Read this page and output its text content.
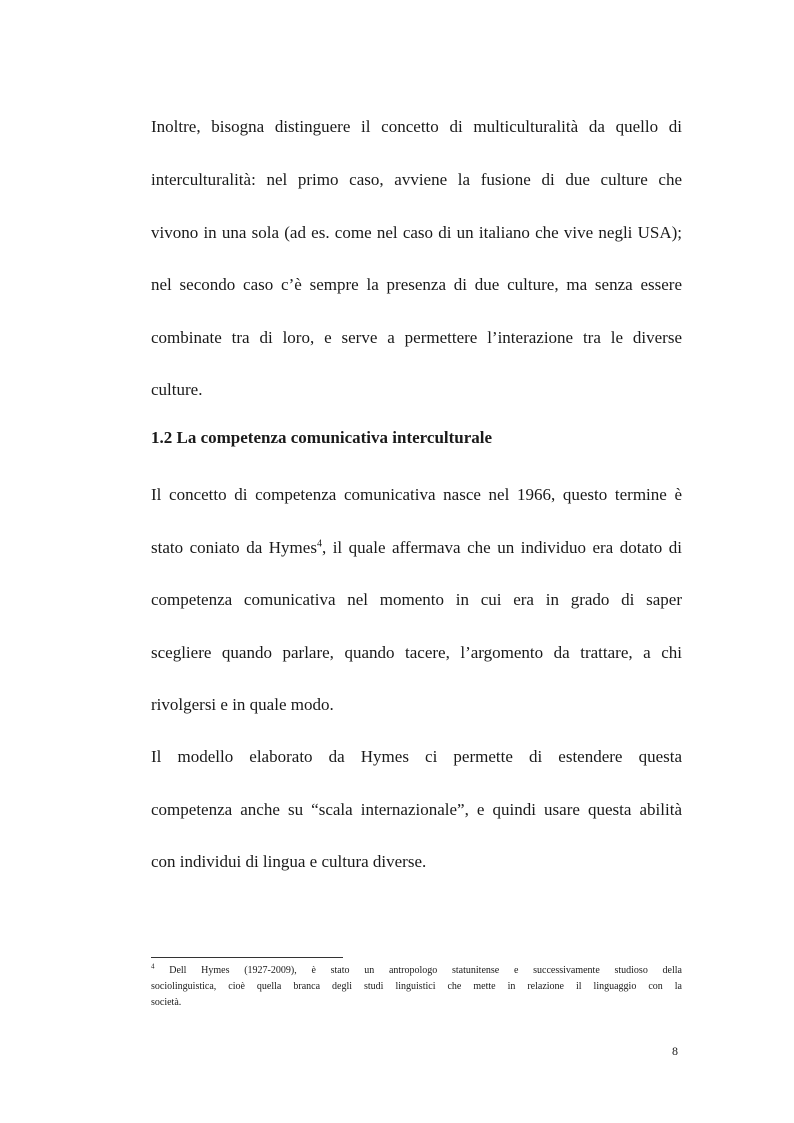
Inoltre, bisogna distinguere il concetto di multiculturalità da quello di
interculturalità: nel primo caso, avviene la fusione di due culture che
vivono in una sola (ad es. come nel caso di un italiano che vive negli USA);
nel secondo caso c’è sempre la presenza di due culture, ma senza essere
combinate tra di loro, e serve a permettere l’interazione tra le diverse
culture.
1.2 La competenza comunicativa interculturale
Il concetto di competenza comunicativa nasce nel 1966, questo termine è
stato coniato da Hymes$^4$, il quale affermava che un individuo era dotato di
competenza comunicativa nel momento in cui era in grado di saper
scegliere quando parlare, quando tacere, l’argomento da trattare, a chi
rivolgersi e in quale modo.
Il modello elaborato da Hymes ci permette di estendere questa
competenza anche su “scala internazionale”, e quindi usare questa abilità
con individui di lingua e cultura diverse.
$^4$ Dell Hymes (1927-2009), è stato un antropologo statunitense e successivamente studioso della
sociolinguistica, cioè quella branca degli studi linguistici che mette in relazione il linguaggio con la
società.
8
